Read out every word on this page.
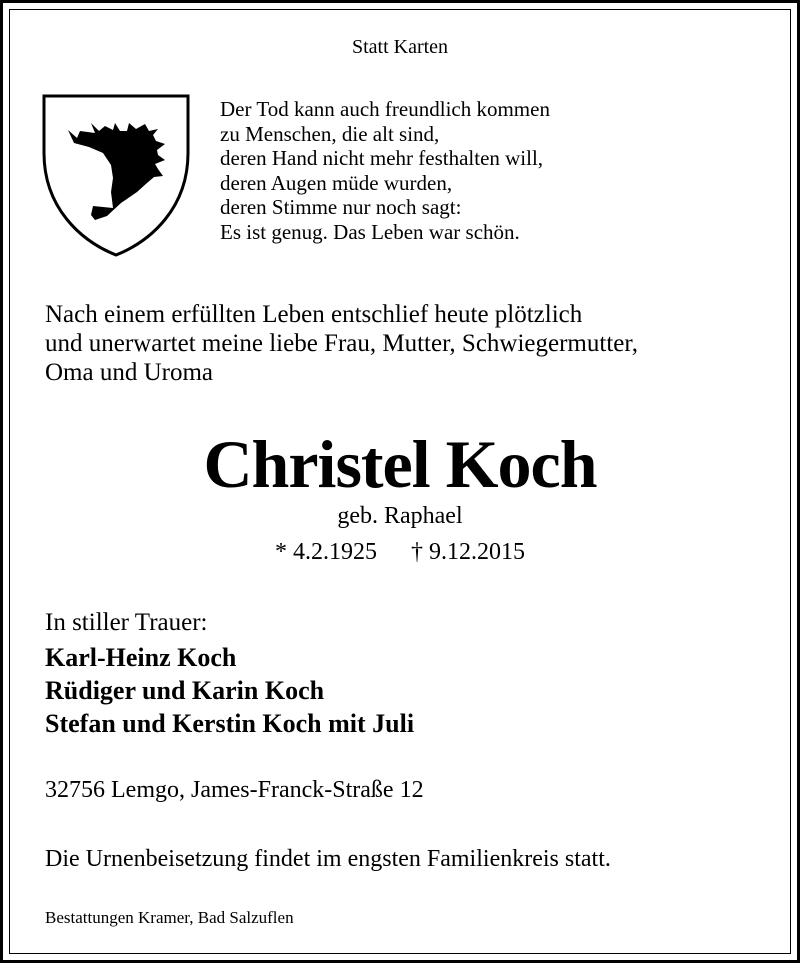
Statt Karten
Der Tod kann auch freundlich kommen
zu Menschen, die alt sind,
deren Hand nicht mehr festhalten will,
deren Augen müde wurden,
deren Stimme nur noch sagt:
Es ist genug. Das Leben war schön.
Nach einem erfüllten Leben entschlief heute plötzlich
und unerwartet meine liebe Frau, Mutter, Schwiegermutter,
Oma und Uroma
Christel Koch
geb. Raphael
* 4.2.1925 † 9.12.2015
In stiller Trauer:
Karl-Heinz Koch
Rüdiger und Karin Koch
Stefan und Kerstin Koch mit Juli
32756 Lemgo, James-Franck-Straße 12
Die Urnenbeisetzung findet im engsten Familienkreis statt.
Bestattungen Kramer, Bad Salzuflen
